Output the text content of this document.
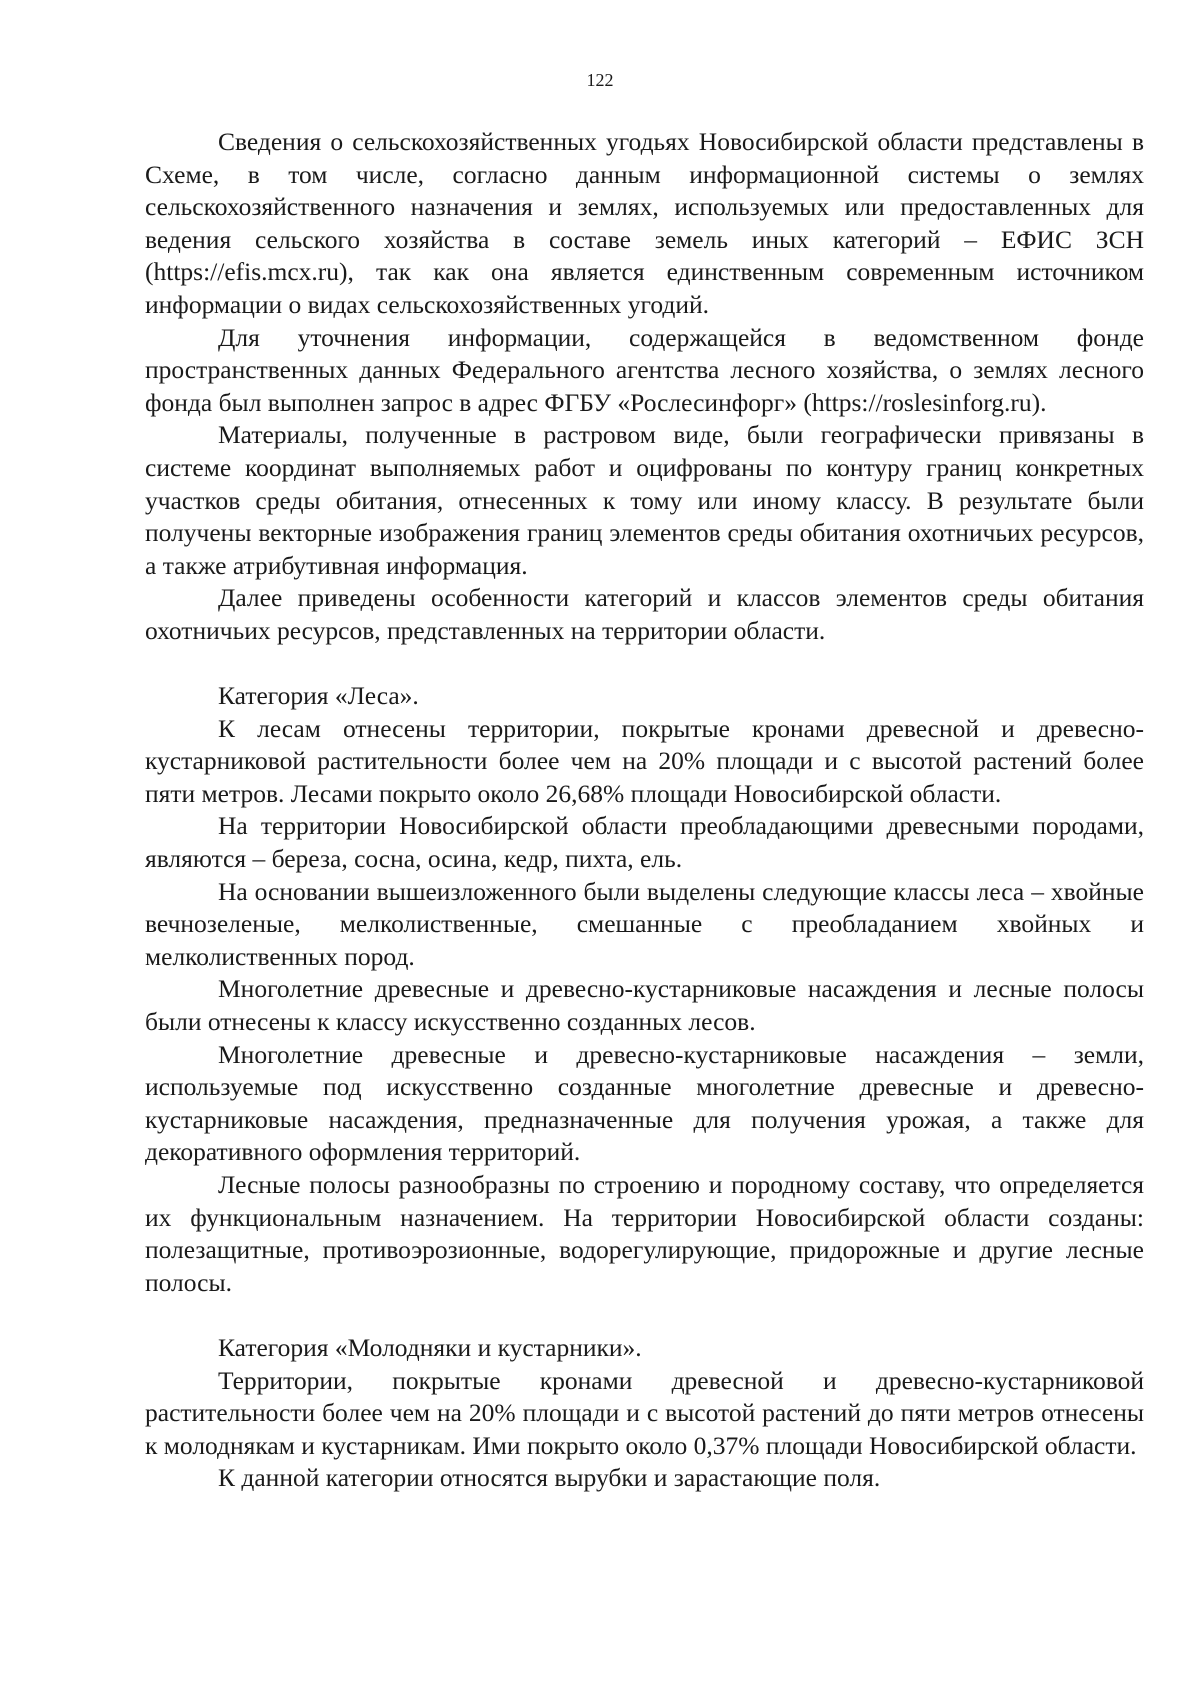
122

Сведения о сельскохозяйственных угодьях Новосибирской области представлены в Схеме, в том числе, согласно данным информационной системы о землях сельскохозяйственного назначения и землях, используемых или предоставленных для ведения сельского хозяйства в составе земель иных категорий – ЕФИС ЗСН (https://efis.mcx.ru), так как она является единственным современным источником информации о видах сельскохозяйственных угодий.

Для уточнения информации, содержащейся в ведомственном фонде пространственных данных Федерального агентства лесного хозяйства, о землях лесного фонда был выполнен запрос в адрес ФГБУ «Рослесинфорг» (https://roslesinforg.ru).

Материалы, полученные в растровом виде, были географически привязаны в системе координат выполняемых работ и оцифрованы по контуру границ конкретных участков среды обитания, отнесенных к тому или иному классу. В результате были получены векторные изображения границ элементов среды обитания охотничьих ресурсов, а также атрибутивная информация.

Далее приведены особенности категорий и классов элементов среды обитания охотничьих ресурсов, представленных на территории области.

Категория «Леса».

К лесам отнесены территории, покрытые кронами древесной и древесно-кустарниковой растительности более чем на 20% площади и с высотой растений более пяти метров. Лесами покрыто около 26,68% площади Новосибирской области.

На территории Новосибирской области преобладающими древесными породами, являются – береза, сосна, осина, кедр, пихта, ель.

На основании вышеизложенного были выделены следующие классы леса – хвойные вечнозеленые, мелколиственные, смешанные с преобладанием хвойных и мелколиственных пород.

Многолетние древесные и древесно-кустарниковые насаждения и лесные полосы были отнесены к классу искусственно созданных лесов.

Многолетние древесные и древесно-кустарниковые насаждения – земли, используемые под искусственно созданные многолетние древесные и древесно-кустарниковые насаждения, предназначенные для получения урожая, а также для декоративного оформления территорий.

Лесные полосы разнообразны по строению и породному составу, что определяется их функциональным назначением. На территории Новосибирской области созданы: полезащитные, противоэрозионные, водорегулирующие, придорожные и другие лесные полосы.

Категория «Молодняки и кустарники».

Территории, покрытые кронами древесной и древесно-кустарниковой растительности более чем на 20% площади и с высотой растений до пяти метров отнесены к молоднякам и кустарникам. Ими покрыто около 0,37% площади Новосибирской области.

К данной категории относятся вырубки и зарастающие поля.
